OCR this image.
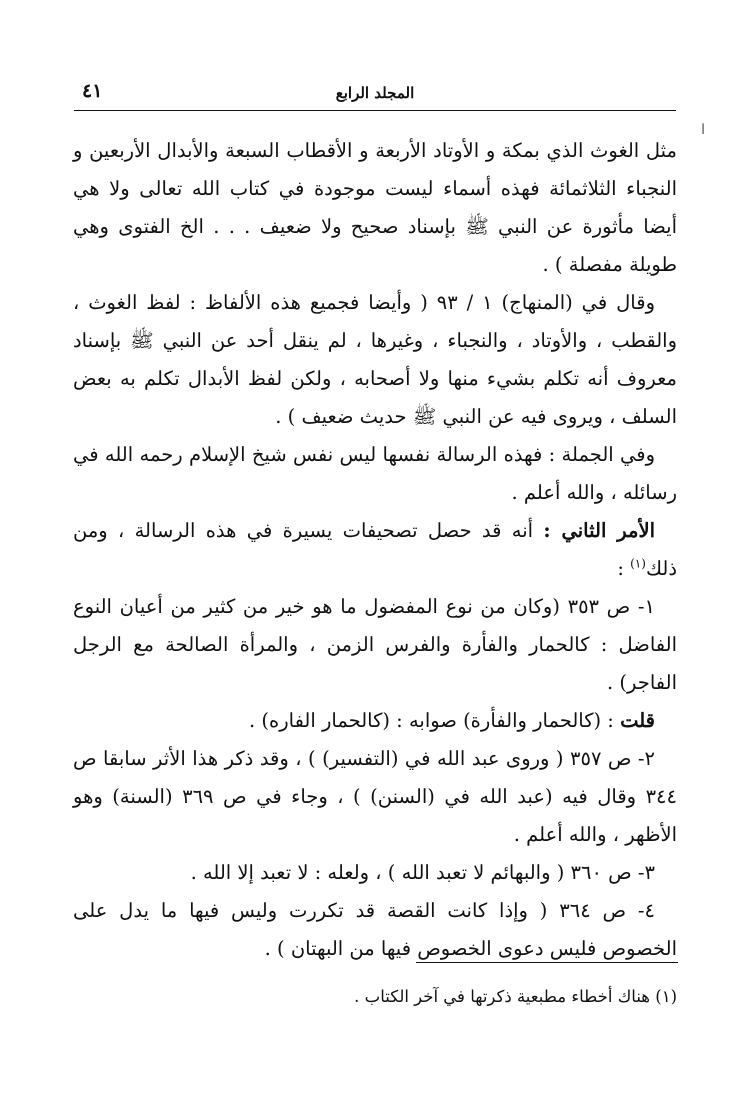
المجلد الرابع
٤١
ا

مثل الغوث الذي بمكة و الأوتاد الأربعة و الأقطاب السبعة والأبدال الأربعين و النجباء الثلاثمائة فهذه أسماء ليست موجودة في كتاب الله تعالى ولا هي أيضا مأثورة عن النبي ﷺ بإسناد صحيح ولا ضعيف . . . الخ الفتوى وهي طويلة مفصلة ) .

وقال في (المنهاج) ١ / ٩٣ ( وأيضا فجميع هذه الألفاظ : لفظ الغوث ، والقطب ، والأوتاد ، والنجباء ، وغيرها ، لم ينقل أحد عن النبي ﷺ بإسناد معروف أنه تكلم بشيء منها ولا أصحابه ، ولكن لفظ الأبدال تكلم به بعض السلف ، ويروى فيه عن النبي ﷺ حديث ضعيف ) .

وفي الجملة : فهذه الرسالة نفسها ليس نفس شيخ الإسلام رحمه الله في رسائله ، والله أعلم .

الأمر الثاني : أنه قد حصل تصحيفات يسيرة في هذه الرسالة ، ومن ذلك$^{(١)}$ :

١- ص ٣٥٣ (وكان من نوع المفضول ما هو خير من كثير من أعيان النوع الفاضل : كالحمار والفأرة والفرس الزمن ، والمرأة الصالحة مع الرجل الفاجر) .

قلت : (كالحمار والفأرة) صوابه : (كالحمار الفاره) .

٢- ص ٣٥٧ ( وروى عبد الله في (التفسير) ) ، وقد ذكر هذا الأثر سابقا ص ٣٤٤ وقال فيه (عبد الله في (السنن) ) ، وجاء في ص ٣٦٩ (السنة) وهو الأظهر ، والله أعلم .

٣- ص ٣٦٠ ( والبهائم لا تعبد الله ) ، ولعله : لا تعبد إلا الله .

٤- ص ٣٦٤ ( وإذا كانت القصة قد تكررت وليس فيها ما يدل على الخصوص فليس دعوى الخصوص فيها من البهتان ) .

(١) هناك أخطاء مطبعية ذكرتها في آخر الكتاب .
